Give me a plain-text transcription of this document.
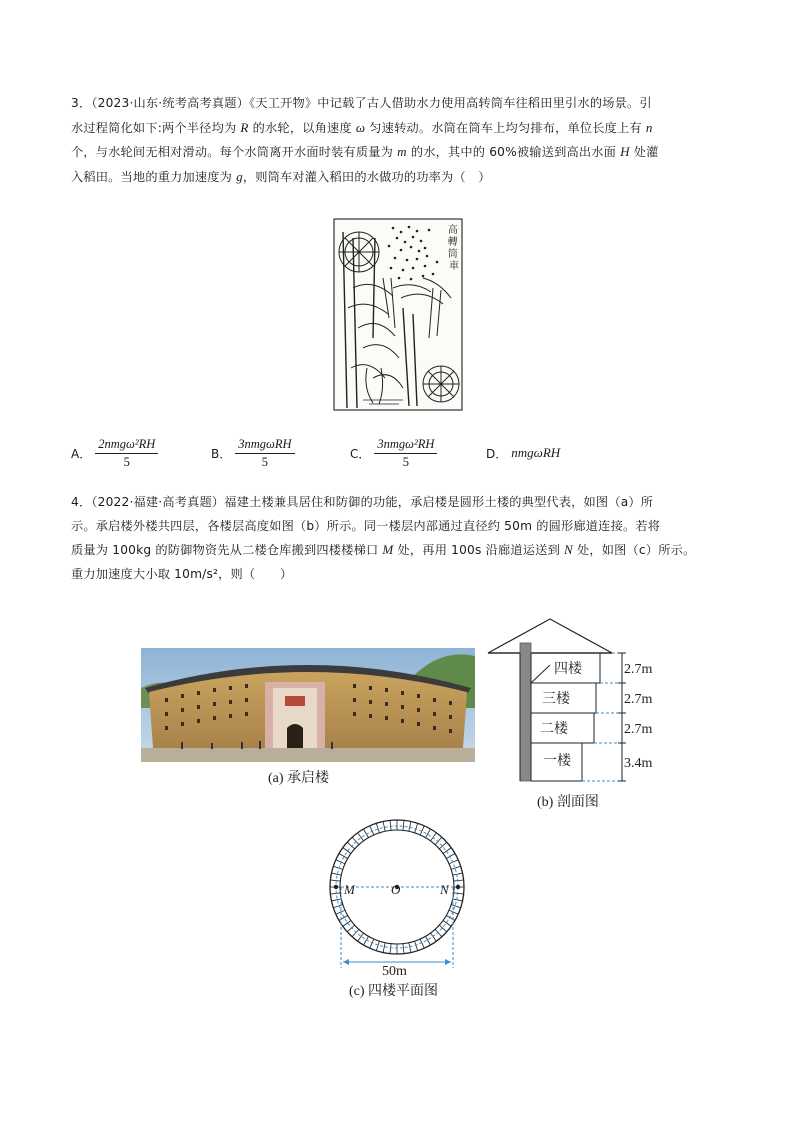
3．（2023·山东·统考高考真题）《天工开物》中记载了古人借助水力使用高转筒车往稻田里引水的场景。引
水过程简化如下:两个半径均为 R 的水轮，以角速度 ω 匀速转动。水筒在筒车上均匀排布，单位长度上有 n
个，与水轮间无相对滑动。每个水筒离开水面时装有质量为 m 的水，其中的 60%被输送到高出水面 H 处灌
入稻田。当地的重力加速度为 g，则筒车对灌入稻田的水做功的功率为（　）
高 轉 筒 車
A． $\frac{\text{2nmgω²RH}}{5}$	B． $\frac{\text{3nmgωRH}}{5}$	C． $\frac{\text{3nmgω²RH}}{5}$	D． nmgωRH
4．（2022·福建·高考真题）福建土楼兼具居住和防御的功能，承启楼是圆形土楼的典型代表，如图（a）所
示。承启楼外楼共四层，各楼层高度如图（b）所示。同一楼层内部通过直径约 50m 的圆形廊道连接。若将
质量为 100kg 的防御物资先从二楼仓库搬到四楼楼梯口 M 处，再用 100s 沿廊道运送到 N 处，如图（c）所示。
重力加速度大小取 10m/s²，则（　　）
(a) 承启楼
四楼
三楼
二楼
一楼
2.7m
2.7m
2.7m
3.4m
(b) 剖面图
M	O	N
50m
(c) 四楼平面图
